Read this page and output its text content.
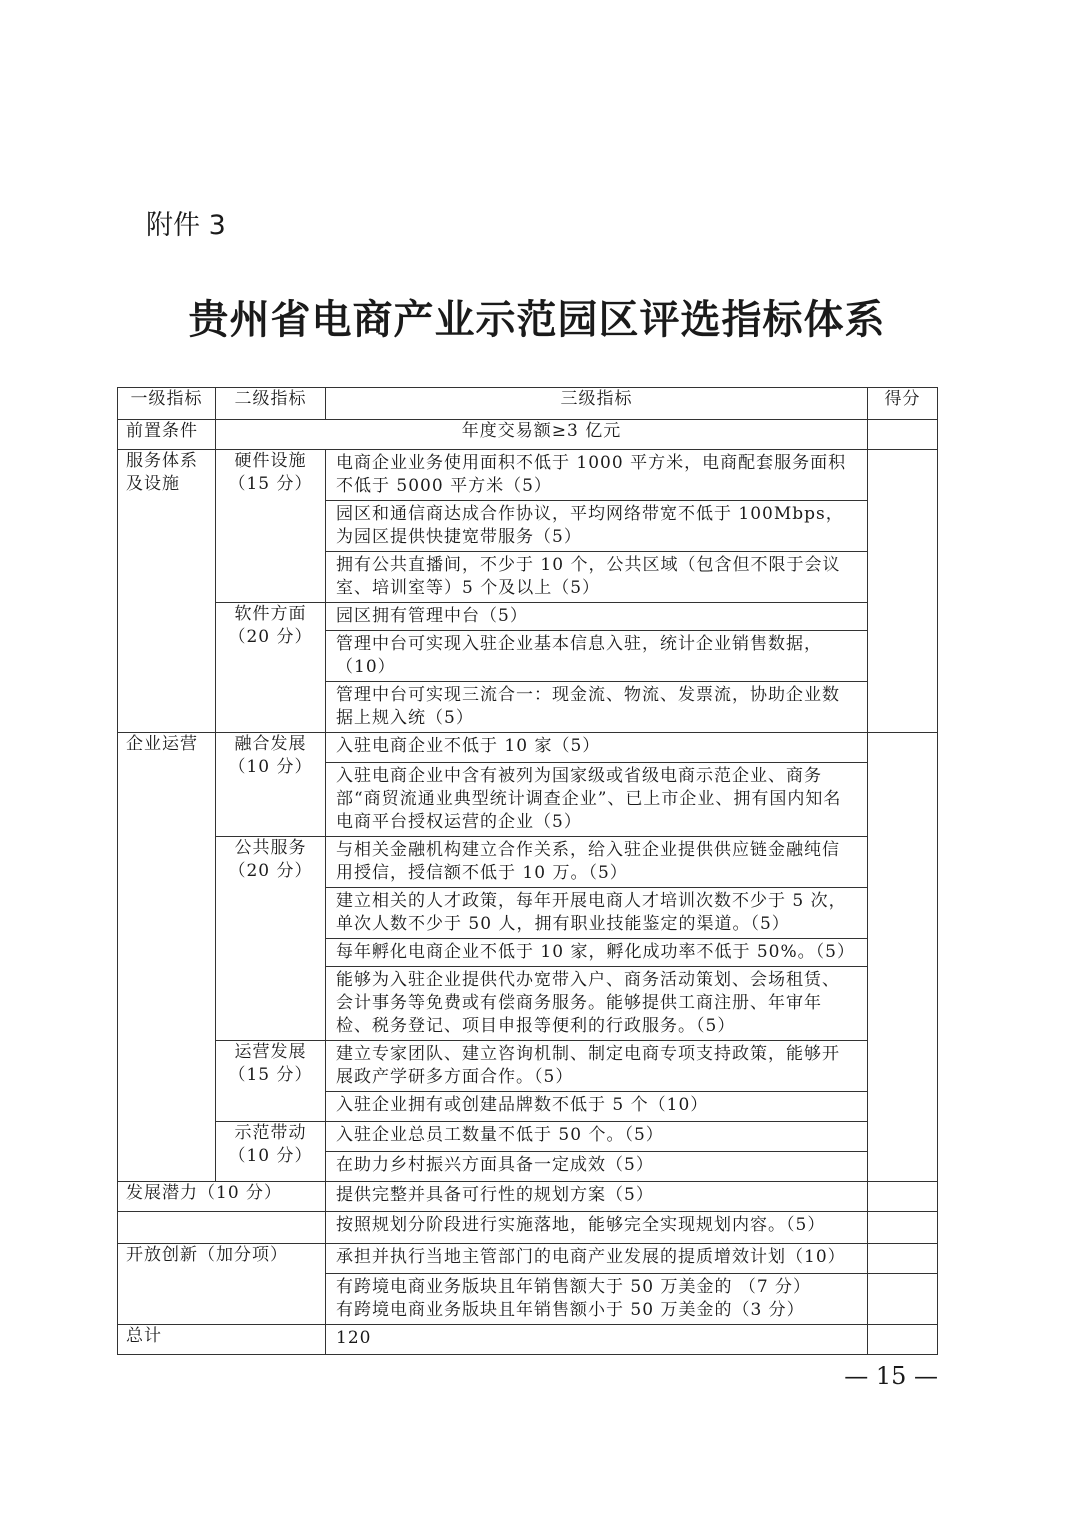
附件 3
贵州省电商产业示范园区评选指标体系
一级指标	二级指标	三级指标	得分
前置条件	年度交易额≥3 亿元		
服务体系及设施	硬件设施（15 分）	电商企业业务使用面积不低于 1000 平方米，电商配套服务面积不低于 5000 平方米（5）	
		园区和通信商达成合作协议，平均网络带宽不低于 100Mbps，为园区提供快捷宽带服务（5）	
		拥有公共直播间，不少于 10 个，公共区域（包含但不限于会议室、培训室等）5 个及以上（5）	
	软件方面（20 分）	园区拥有管理中台（5）	
		管理中台可实现入驻企业基本信息入驻，统计企业销售数据，（10）	
		管理中台可实现三流合一：现金流、物流、发票流，协助企业数据上规入统（5）	
企业运营	融合发展（10 分）	入驻电商企业不低于 10 家（5）	
		入驻电商企业中含有被列为国家级或省级电商示范企业、商务部“商贸流通业典型统计调查企业”、已上市企业、拥有国内知名电商平台授权运营的企业（5）	
	公共服务（20 分）	与相关金融机构建立合作关系，给入驻企业提供供应链金融纯信用授信，授信额不低于 10 万。（5）	
		建立相关的人才政策，每年开展电商人才培训次数不少于 5 次，单次人数不少于 50 人，拥有职业技能鉴定的渠道。（5）	
		每年孵化电商企业不低于 10 家，孵化成功率不低于 50%。（5）	
		能够为入驻企业提供代办宽带入户、商务活动策划、会场租赁、会计事务等免费或有偿商务服务。能够提供工商注册、年审年检、税务登记、项目申报等便利的行政服务。（5）	
	运营发展（15 分）	建立专家团队、建立咨询机制、制定电商专项支持政策，能够开展政产学研多方面合作。（5）	
		入驻企业拥有或创建品牌数不低于 5 个（10）	
	示范带动（10 分）	入驻企业总员工数量不低于 50 个。（5）	
		在助力乡村振兴方面具备一定成效（5）	
发展潜力（10 分）		提供完整并具备可行性的规划方案（5）	
		按照规划分阶段进行实施落地，能够完全实现规划内容。（5）	
开放创新（加分项）		承担并执行当地主管部门的电商产业发展的提质增效计划（10）	

		有跨境电商业务版块且年销售额大于 50 万美金的 （7 分）
有跨境电商业务版块且年销售额小于 50 万美金的（3 分）	

总计		120	
— 15 —
